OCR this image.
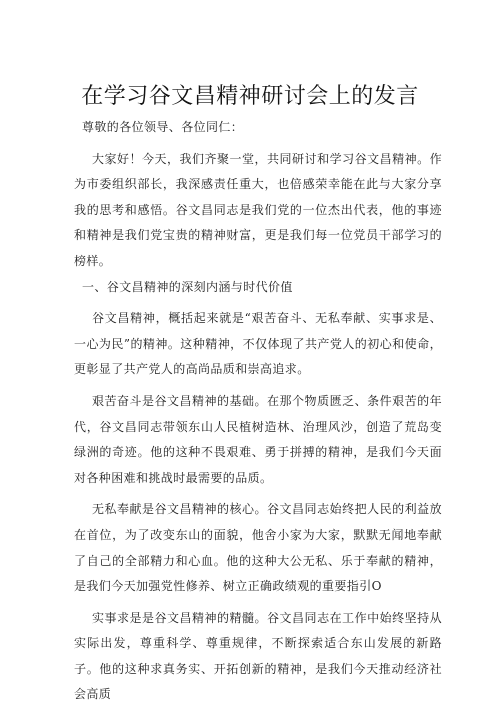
在学习谷文昌精神研讨会上的发言

尊敬的各位领导、各位同仁：

大家好！今天，我们齐聚一堂，共同研讨和学习谷文昌精神。作为市委组织部长，我深感责任重大，也倍感荣幸能在此与大家分享我的思考和感悟。谷文昌同志是我们党的一位杰出代表，他的事迹和精神是我们党宝贵的精神财富，更是我们每一位党员干部学习的榜样。

一、谷文昌精神的深刻内涵与时代价值

谷文昌精神，概括起来就是“艰苦奋斗、无私奉献、实事求是、一心为民”的精神。这种精神，不仅体现了共产党人的初心和使命，更彰显了共产党人的高尚品质和崇高追求。

艰苦奋斗是谷文昌精神的基础。在那个物质匮乏、条件艰苦的年代，谷文昌同志带领东山人民植树造林、治理风沙，创造了荒岛变绿洲的奇迹。他的这种不畏艰难、勇于拼搏的精神，是我们今天面对各种困难和挑战时最需要的品质。

无私奉献是谷文昌精神的核心。谷文昌同志始终把人民的利益放在首位，为了改变东山的面貌，他舍小家为大家，默默无闻地奉献了自己的全部精力和心血。他的这种大公无私、乐于奉献的精神，是我们今天加强党性修养、树立正确政绩观的重要指引O

实事求是是谷文昌精神的精髓。谷文昌同志在工作中始终坚持从实际出发，尊重科学、尊重规律，不断探索适合东山发展的新路子。他的这种求真务实、开拓创新的精神，是我们今天推动经济社会高质
